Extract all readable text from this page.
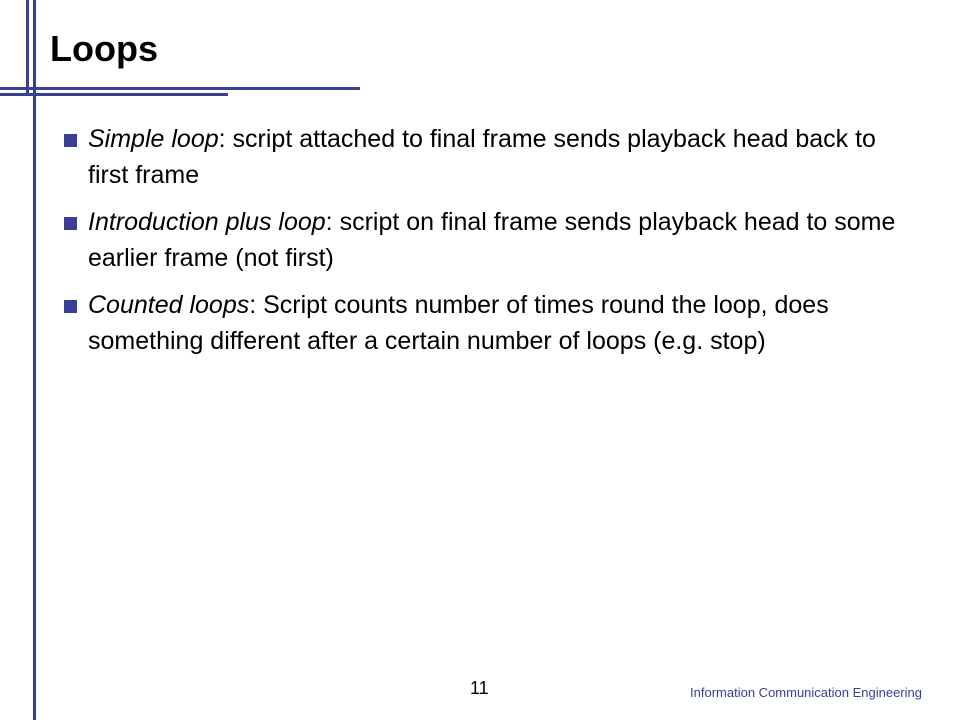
Loops
Simple loop: script attached to final frame sends playback head back to first frame
Introduction plus loop: script on final frame sends playback head to some earlier frame (not first)
Counted loops: Script counts number of times round the loop, does something different after a certain number of loops (e.g. stop)
11	Information Communication Engineering
